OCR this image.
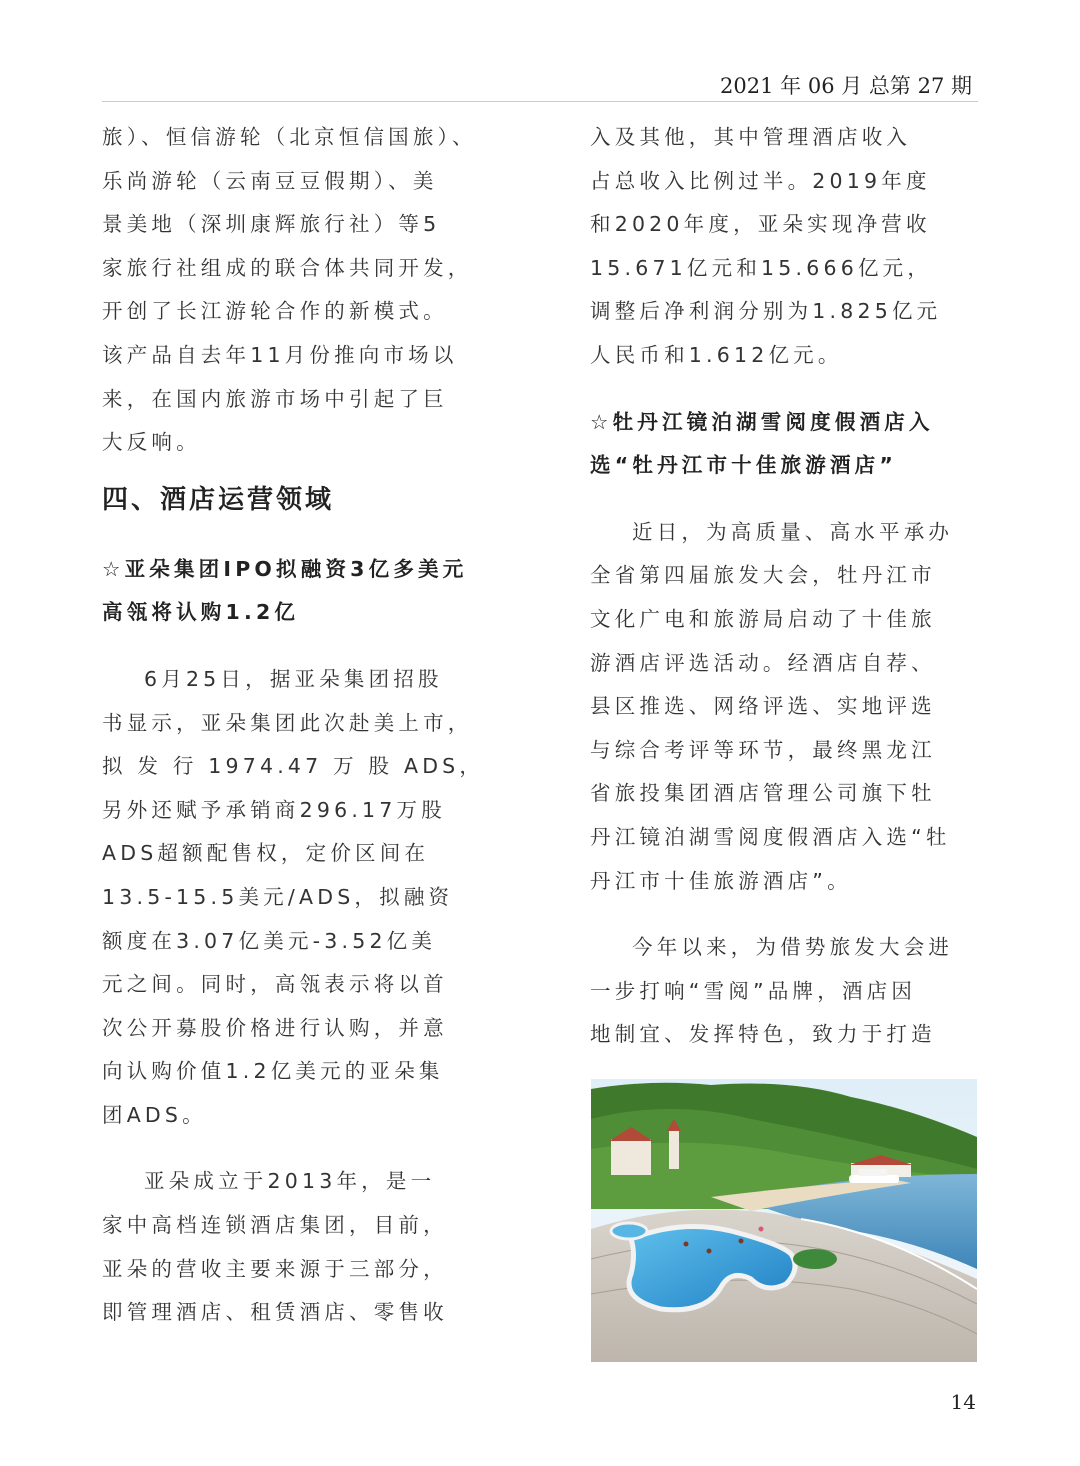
2021 年 06 月 总第 27 期
旅）、恒信游轮（北京恒信国旅）、
乐尚游轮（云南豆豆假期）、美
景美地（深圳康辉旅行社）等5
家旅行社组成的联合体共同开发，
开创了长江游轮合作的新模式。
该产品自去年11月份推向市场以
来，在国内旅游市场中引起了巨
大反响。
四、酒店运营领域
☆亚朵集团IPO拟融资3亿多美元
高瓴将认购1.2亿
6月25日，据亚朵集团招股
书显示，亚朵集团此次赴美上市，
拟 发 行 1974.47 万 股 ADS，
另外还赋予承销商296.17万股
ADS超额配售权，定价区间在
13.5-15.5美元/ADS，拟融资
额度在3.07亿美元-3.52亿美
元之间。同时，高瓴表示将以首
次公开募股价格进行认购，并意
向认购价值1.2亿美元的亚朵集
团ADS。
亚朵成立于2013年，是一
家中高档连锁酒店集团，目前，
亚朵的营收主要来源于三部分，
即管理酒店、租赁酒店、零售收
入及其他，其中管理酒店收入
占总收入比例过半。2019年度
和2020年度，亚朵实现净营收
15.671亿元和15.666亿元，
调整后净利润分别为1.825亿元
人民币和1.612亿元。
☆牡丹江镜泊湖雪阅度假酒店入
选“牡丹江市十佳旅游酒店”
近日，为高质量、高水平承办
全省第四届旅发大会，牡丹江市
文化广电和旅游局启动了十佳旅
游酒店评选活动。经酒店自荐、
县区推选、网络评选、实地评选
与综合考评等环节，最终黑龙江
省旅投集团酒店管理公司旗下牡
丹江镜泊湖雪阅度假酒店入选“牡
丹江市十佳旅游酒店”。
今年以来，为借势旅发大会进
一步打响“雪阅”品牌，酒店因
地制宜、发挥特色，致力于打造
14
